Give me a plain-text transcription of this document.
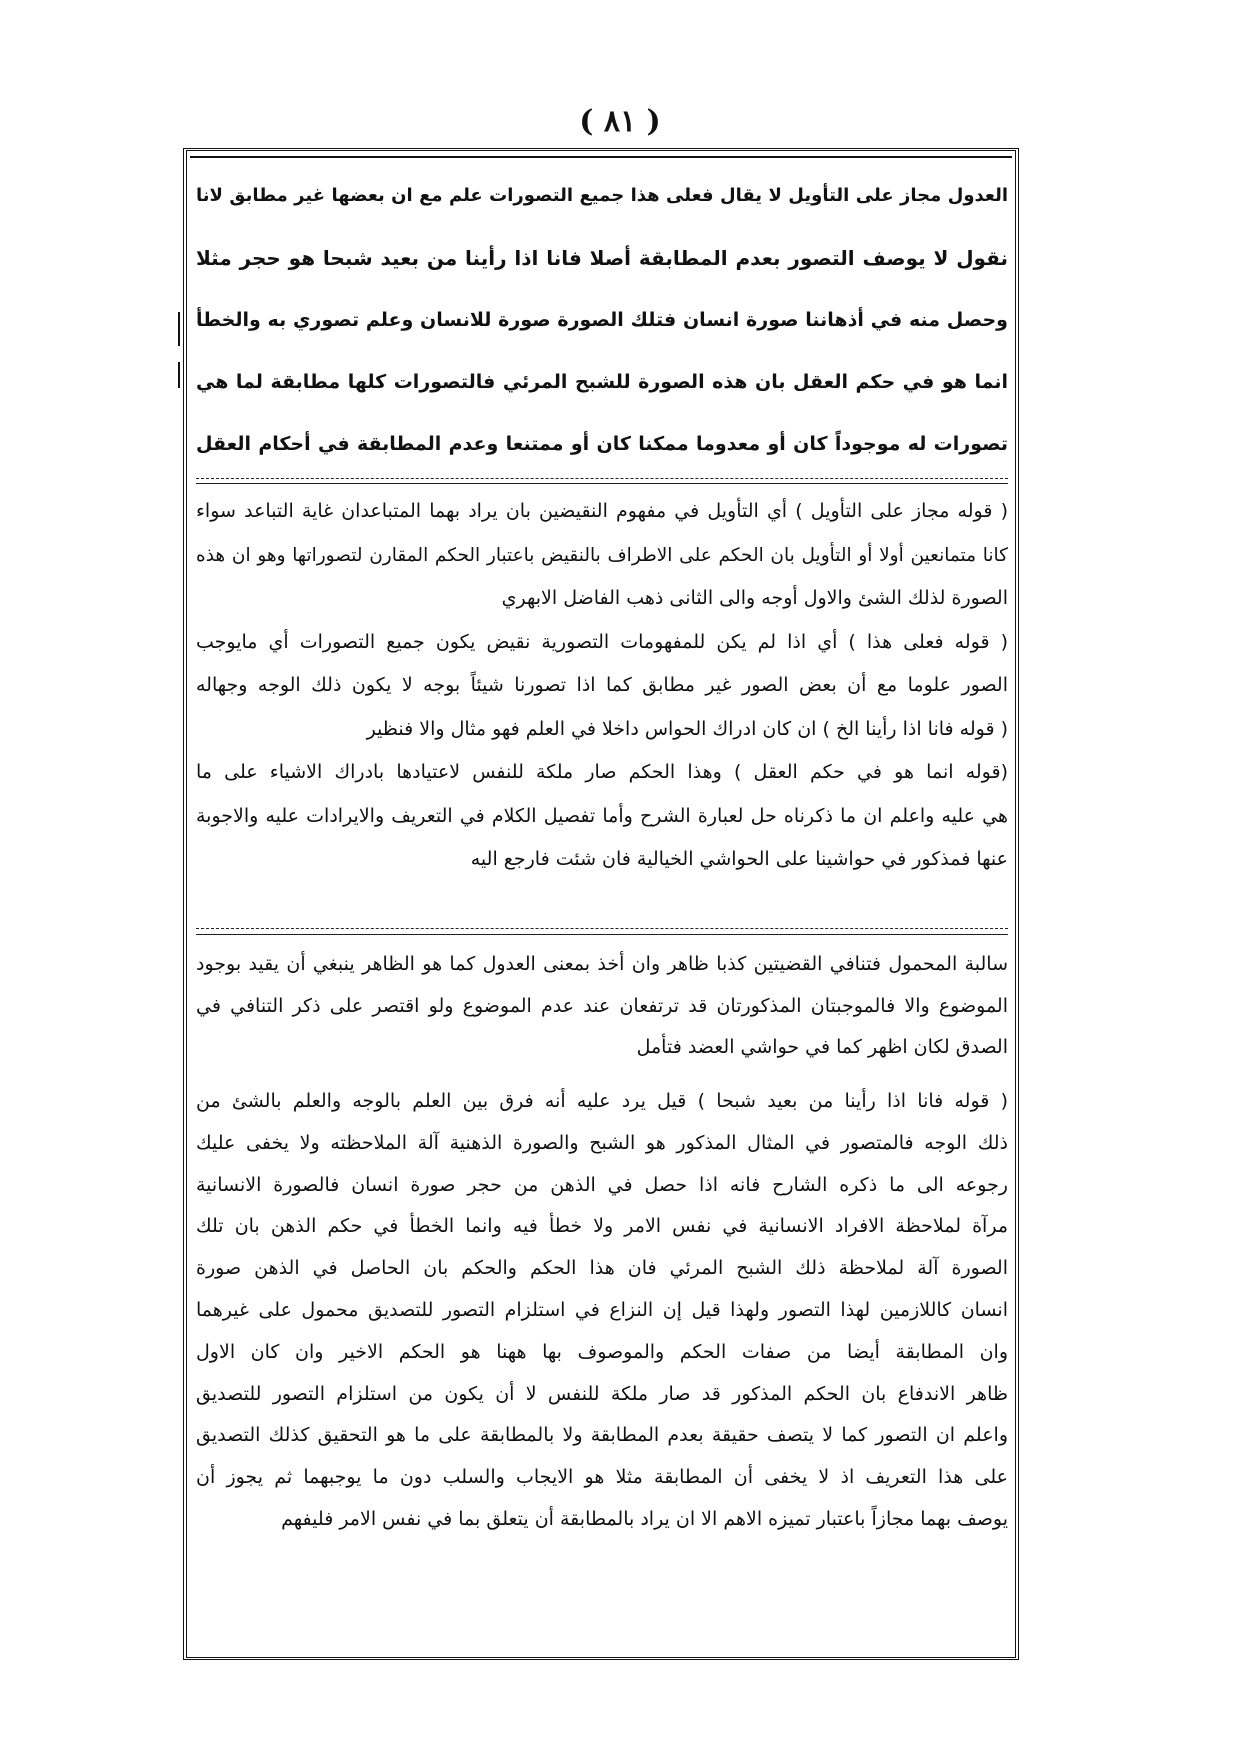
( ٨١ )

العدول مجاز على التأويل لا يقال فعلى هذا جميع التصورات علم مع ان بعضها غير مطابق لانا

نقول لا يوصف التصور بعدم المطابقة أصلا فانا اذا رأينا من بعيد شبحا هو حجر مثلا

وحصل منه في أذهاننا صورة انسان فتلك الصورة صورة للانسان وعلم تصوري به والخطأ

انما هو في حكم العقل بان هذه الصورة للشبح المرئي فالتصورات كلها مطابقة لما هي

تصورات له موجوداً كان أو معدوما ممكنا كان أو ممتنعا وعدم المطابقة في أحكام العقل

( قوله مجاز على التأويل ) أي التأويل في مفهوم النقيضين بان يراد بهما المتباعدان غاية التباعد سواء

كانا متمانعين أولا أو التأويل بان الحكم على الاطراف بالنقيض باعتبار الحكم المقارن لتصوراتها وهو ان هذه

الصورة لذلك الشئ والاول أوجه والى الثانى ذهب الفاضل الابهري

( قوله فعلى هذا ) أي اذا لم يكن للمفهومات التصورية نقيض يكون جميع التصورات أي مايوجب

الصور علوما مع أن بعض الصور غير مطابق كما اذا تصورنا شيئاً بوجه لا يكون ذلك الوجه وجهاله

( قوله فانا اذا رأينا الخ ) ان كان ادراك الحواس داخلا في العلم فهو مثال والا فنظير

(قوله انما هو في حكم العقل ) وهذا الحكم صار ملكة للنفس لاعتيادها بادراك الاشياء على ما

هي عليه واعلم ان ما ذكرناه حل لعبارة الشرح وأما تفصيل الكلام في التعريف والايرادات عليه والاجوبة

عنها فمذكور في حواشينا على الحواشي الخيالية فان شئت فارجع اليه

سالبة المحمول فتنافي القضيتين كذبا ظاهر وان أخذ بمعنى العدول كما هو الظاهر ينبغي أن يقيد بوجود

الموضوع والا فالموجبتان المذكورتان قد ترتفعان عند عدم الموضوع ولو اقتصر على ذكر التنافي في

الصدق لكان اظهر كما في حواشي العضد فتأمل

( قوله فانا اذا رأينا من بعيد شبحا ) قيل يرد عليه أنه فرق بين العلم بالوجه والعلم بالشئ من

ذلك الوجه فالمتصور في المثال المذكور هو الشبح والصورة الذهنية آلة الملاحظته ولا يخفى عليك

رجوعه الى ما ذكره الشارح فانه اذا حصل في الذهن من حجر صورة انسان فالصورة الانسانية

مرآة لملاحظة الافراد الانسانية في نفس الامر ولا خطأ فيه وانما الخطأ في حكم الذهن بان تلك

الصورة آلة لملاحظة ذلك الشبح المرئي فان هذا الحكم والحكم بان الحاصل في الذهن صورة

انسان كاللازمين لهذا التصور ولهذا قيل إن النزاع في استلزام التصور للتصديق محمول على غيرهما

وان المطابقة أيضا من صفات الحكم والموصوف بها ههنا هو الحكم الاخير وان كان الاول

ظاهر الاندفاع بان الحكم المذكور قد صار ملكة للنفس لا أن يكون من استلزام التصور للتصديق

واعلم ان التصور كما لا يتصف حقيقة بعدم المطابقة ولا بالمطابقة على ما هو التحقيق كذلك التصديق

على هذا التعريف اذ لا يخفى أن المطابقة مثلا هو الايجاب والسلب دون ما يوجبهما ثم يجوز أن

يوصف بهما مجازاً باعتبار تميزه الاهم الا ان يراد بالمطابقة أن يتعلق بما في نفس الامر فليفهم
